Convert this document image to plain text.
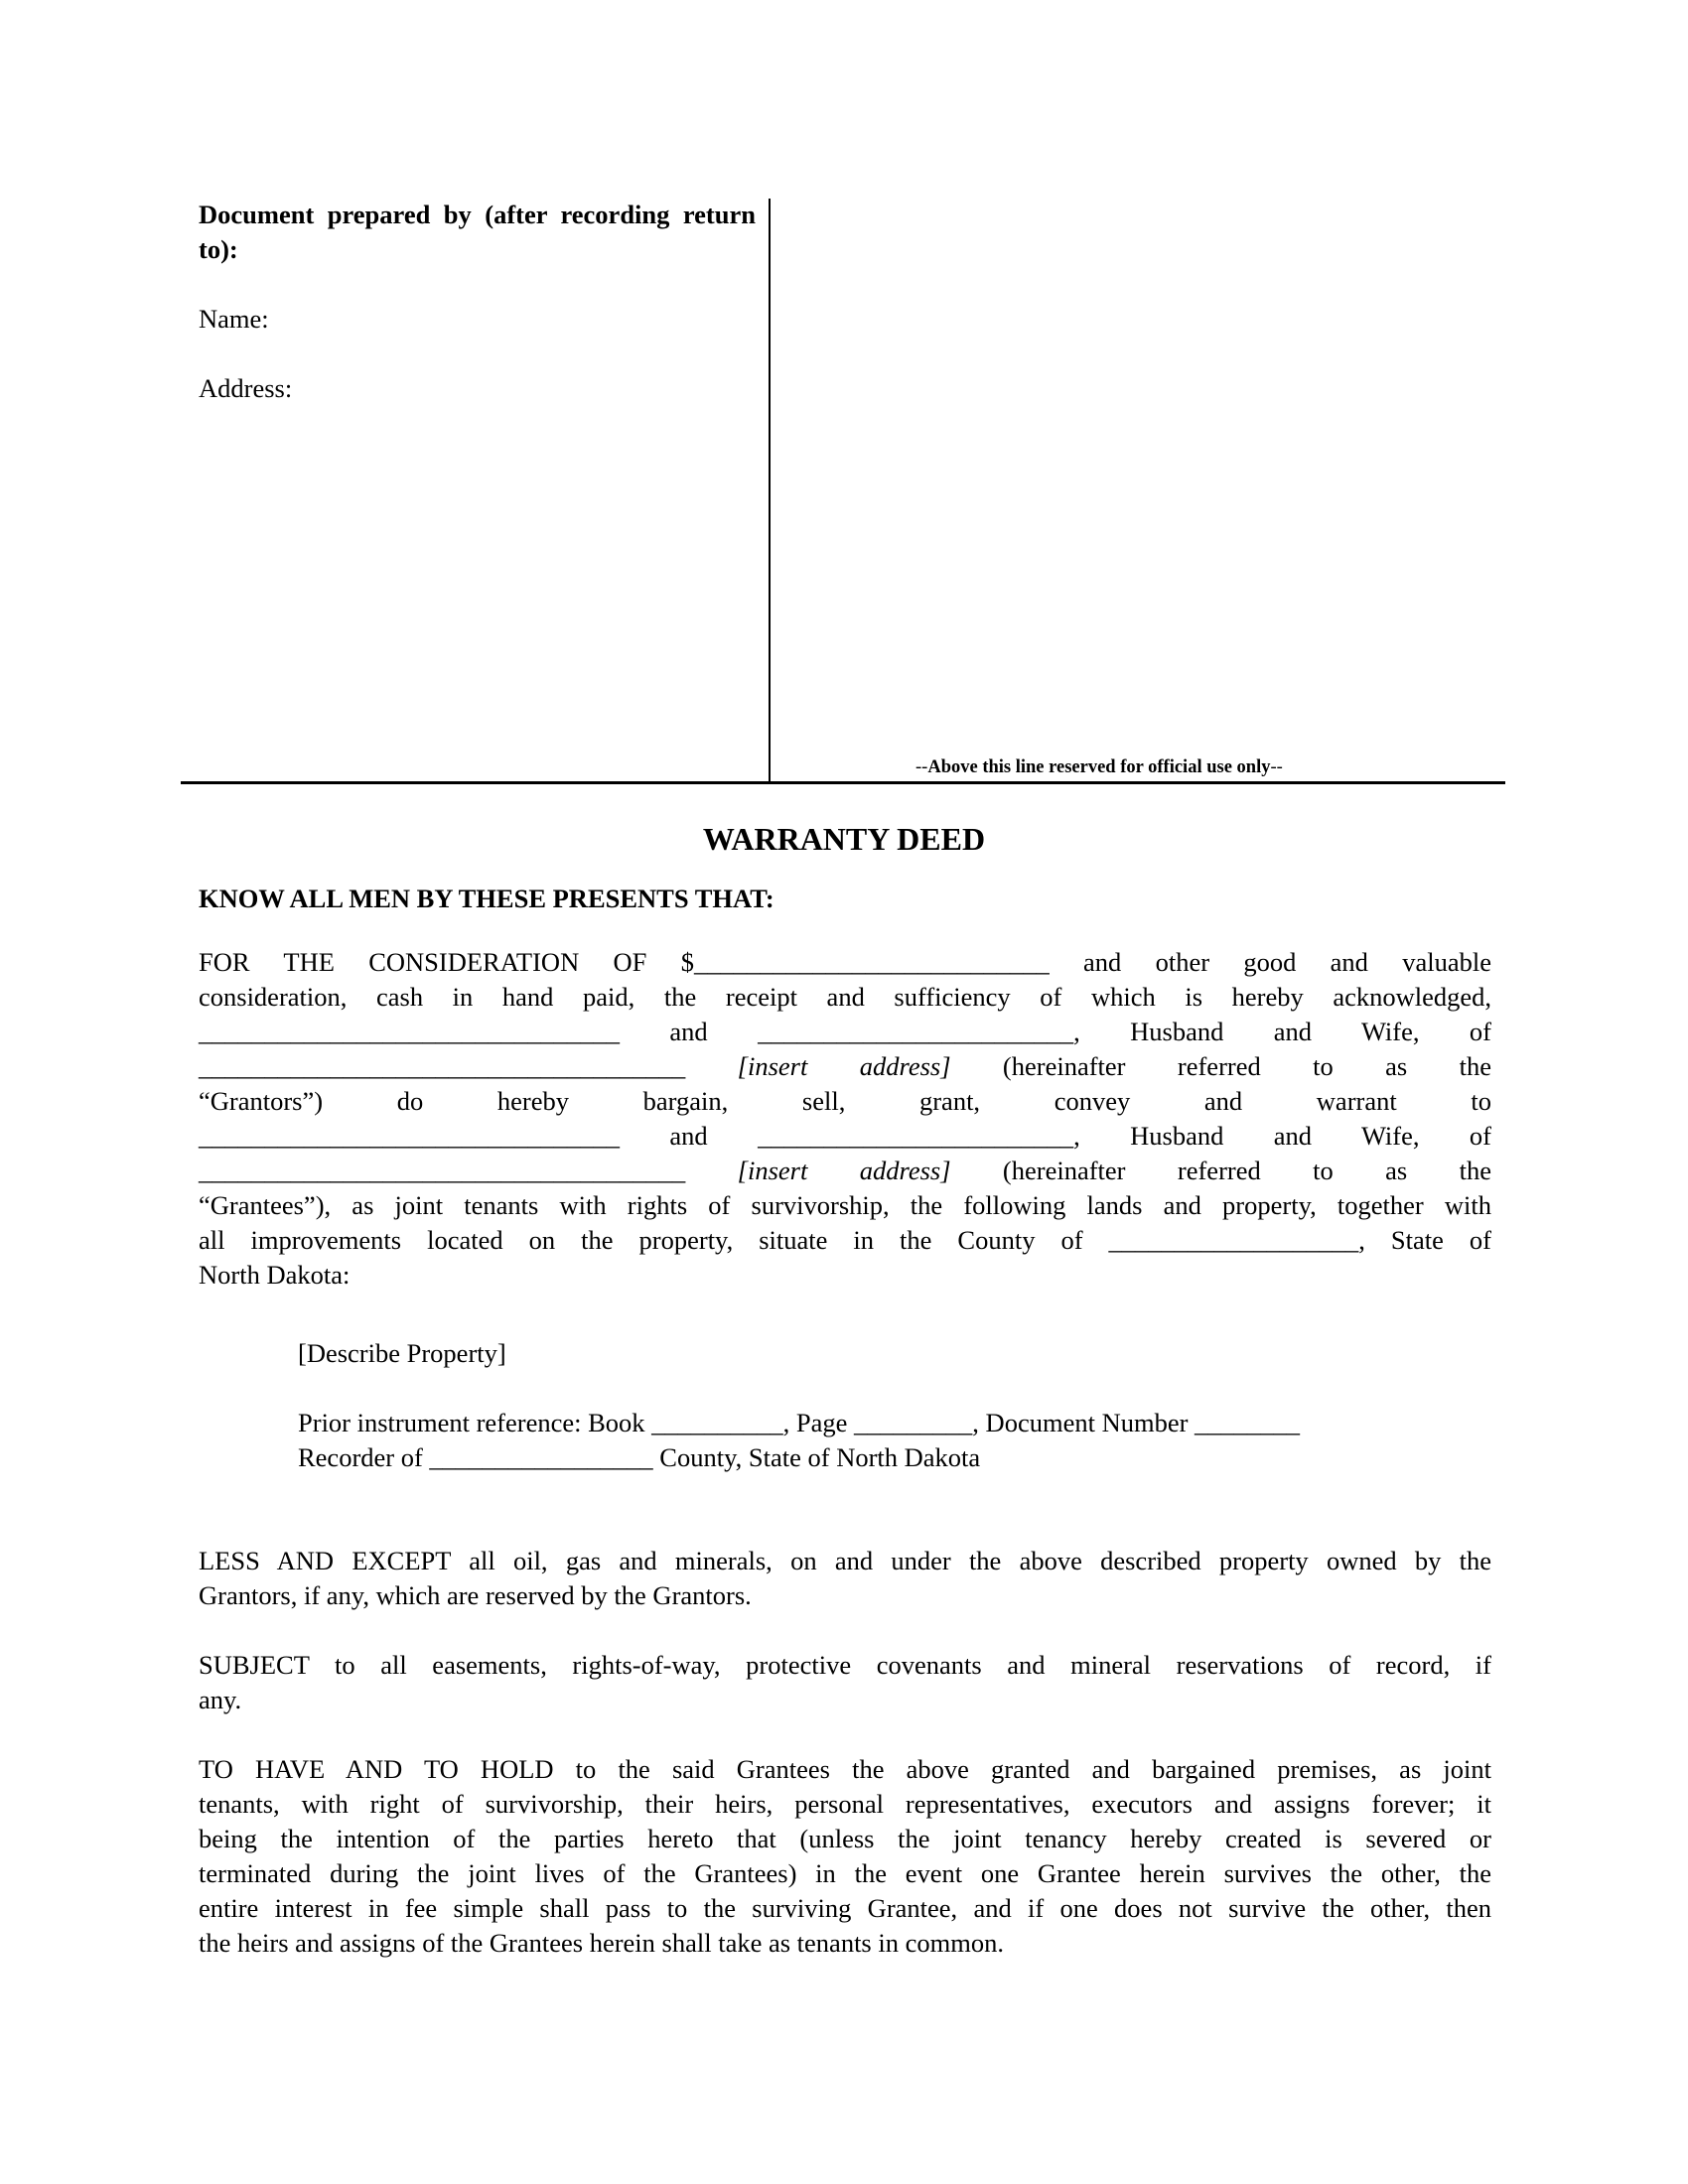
Document prepared by (after recording return to):
Name:
Address:
--Above this line reserved for official use only--
WARRANTY DEED
KNOW ALL MEN BY THESE PRESENTS THAT:
FOR THE CONSIDERATION OF $___________________________ and other good and valuable
consideration, cash in hand paid, the receipt and sufficiency of which is hereby acknowledged,
________________________________ and ________________________, Husband and Wife, of
_____________________________________ [insert address] (hereinafter referred to as the
“Grantors”) do hereby bargain, sell, grant, convey and warrant to
________________________________ and ________________________, Husband and Wife, of
_____________________________________ [insert address] (hereinafter referred to as the
“Grantees”), as joint tenants with rights of survivorship, the following lands and property, together with
all improvements located on the property, situate in the County of ___________________, State of
North Dakota:
[Describe Property]
Prior instrument reference: Book __________, Page _________, Document Number ________
Recorder of _________________ County, State of North Dakota
LESS AND EXCEPT all oil, gas and minerals, on and under the above described property owned by the
Grantors, if any, which are reserved by the Grantors.
SUBJECT to all easements, rights-of-way, protective covenants and mineral reservations of record, if
any.
TO HAVE AND TO HOLD to the said Grantees the above granted and bargained premises, as joint
tenants, with right of survivorship, their heirs, personal representatives, executors and assigns forever; it
being the intention of the parties hereto that (unless the joint tenancy hereby created is severed or
terminated during the joint lives of the Grantees) in the event one Grantee herein survives the other, the
entire interest in fee simple shall pass to the surviving Grantee, and if one does not survive the other, then
the heirs and assigns of the Grantees herein shall take as tenants in common.
